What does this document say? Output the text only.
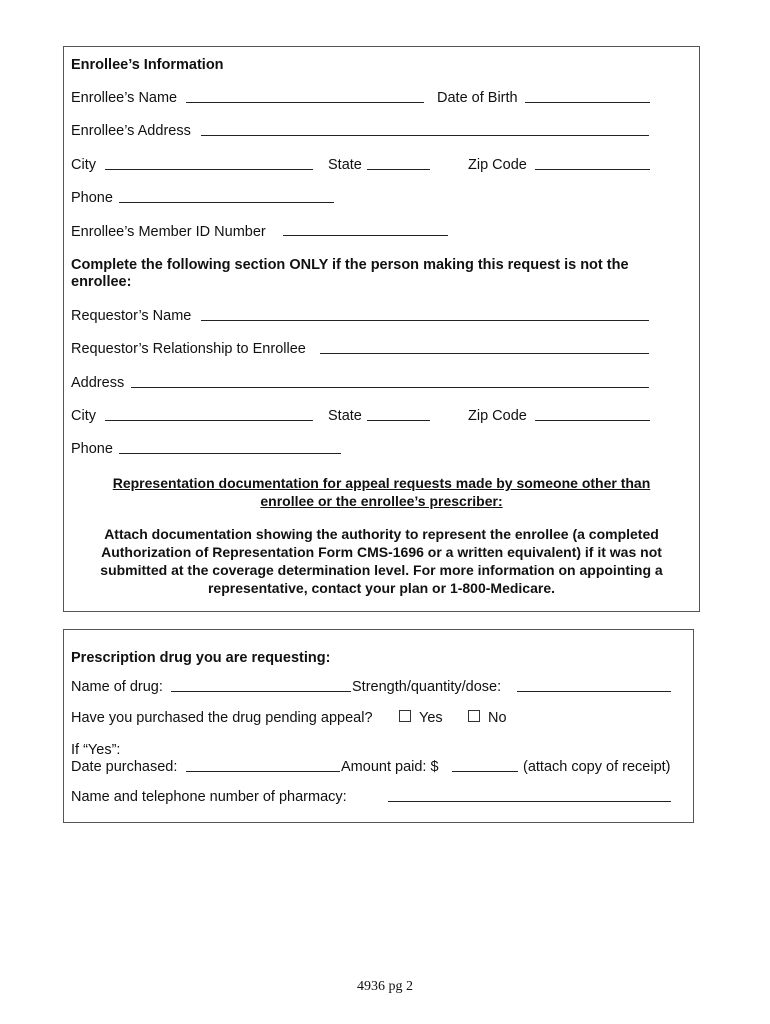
Enrollee’s Information
Enrollee’s Name	Date of Birth
Enrollee’s Address
City	State	Zip Code
Phone
Enrollee’s Member ID Number
Complete the following section ONLY if the person making this request is not the
enrollee:
Requestor’s Name
Requestor’s Relationship to Enrollee
Address
City	State	Zip Code
Phone
Representation documentation for appeal requests made by someone other than
enrollee or the enrollee’s prescriber:
Attach documentation showing the authority to represent the enrollee (a completed
Authorization of Representation Form CMS-1696 or a written equivalent) if it was not
submitted at the coverage determination level. For more information on appointing a
representative, contact your plan or 1-800-Medicare.
Prescription drug you are requesting:
Name of drug:	Strength/quantity/dose:
Have you purchased the drug pending appeal?	Yes	No
If “Yes”:
Date purchased:	Amount paid: $	(attach copy of receipt)
Name and telephone number of pharmacy:
4936 pg 2
